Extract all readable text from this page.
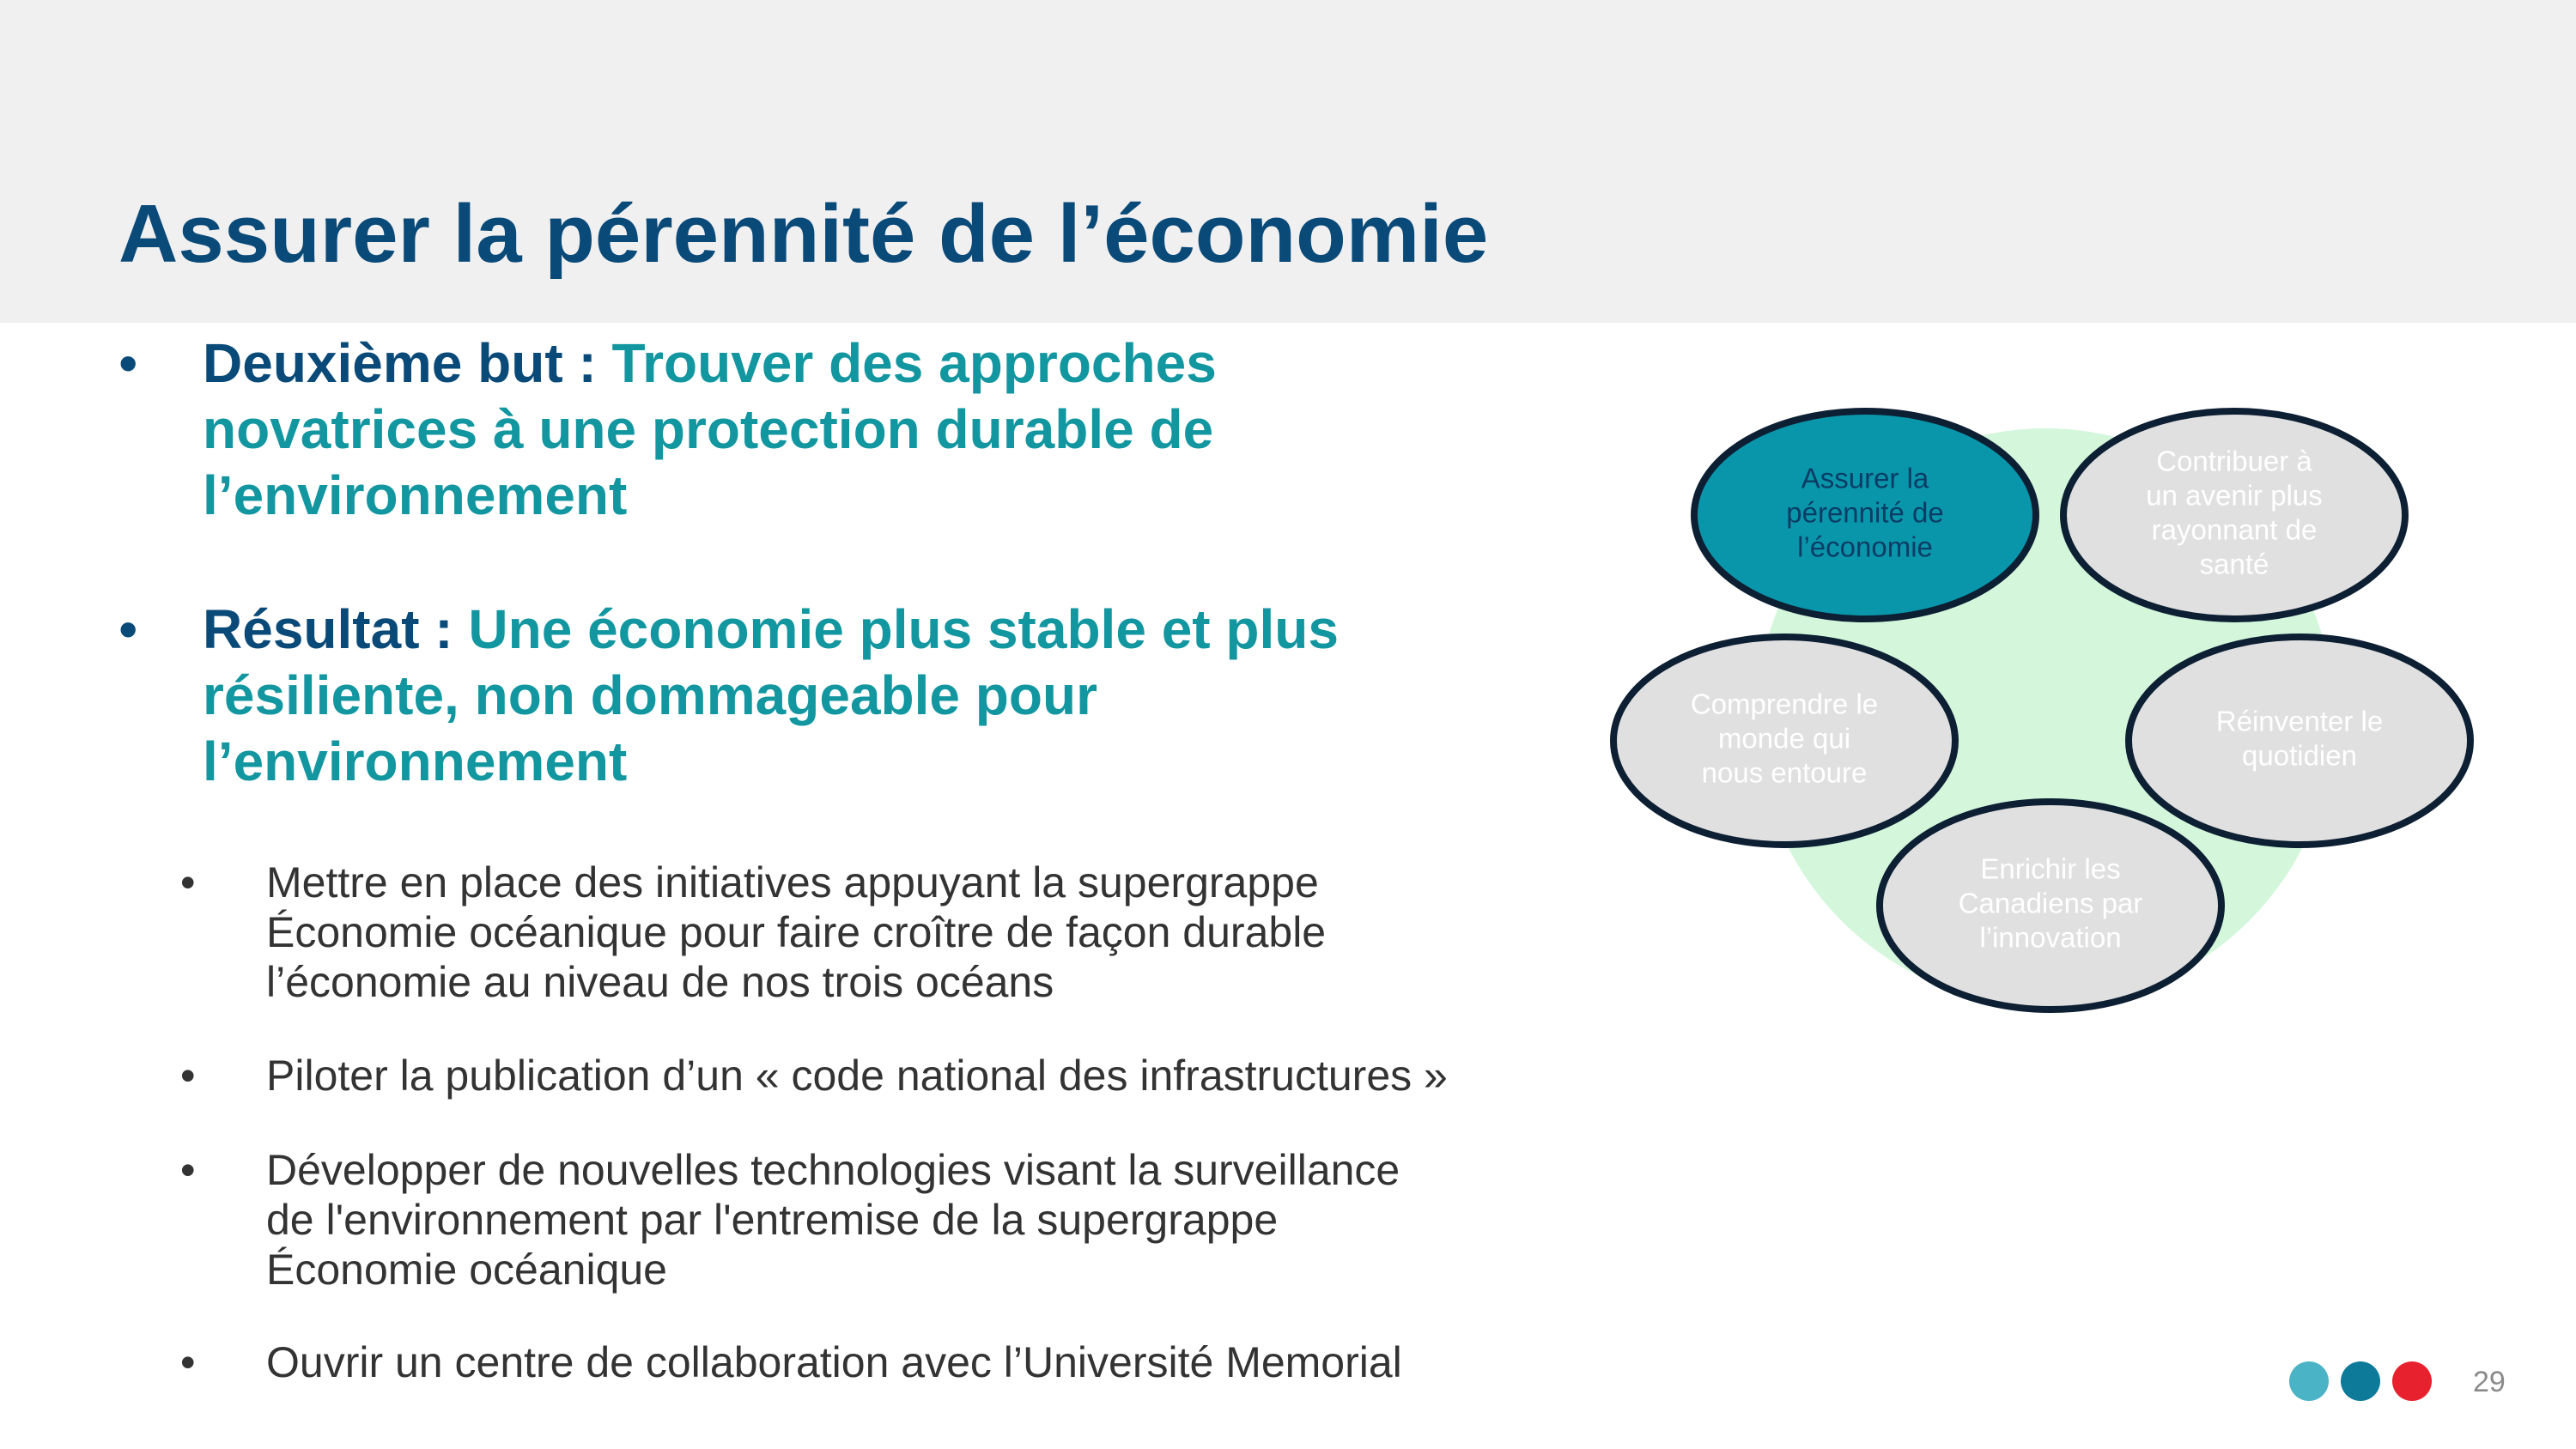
Assurer la pérennité de l’économie
• Deuxième but : Trouver des approches
novatrices à une protection durable de
l’environnement
• Résultat : Une économie plus stable et plus
résiliente, non dommageable pour
l’environnement
• Mettre en place des initiatives appuyant la supergrappe
Économie océanique pour faire croître de façon durable
l’économie au niveau de nos trois océans
• Piloter la publication d’un « code national des infrastructures »
• Développer de nouvelles technologies visant la surveillance
de l'environnement par l'entremise de la supergrappe
Économie océanique
• Ouvrir un centre de collaboration avec l’Université Memorial
Assurer la
pérennité de
l’économie
Contribuer à
un avenir plus
rayonnant de
santé
Réinventer le
quotidien
Enrichir les
Canadiens par
l’innovation
Comprendre le
monde qui
nous entoure
29
